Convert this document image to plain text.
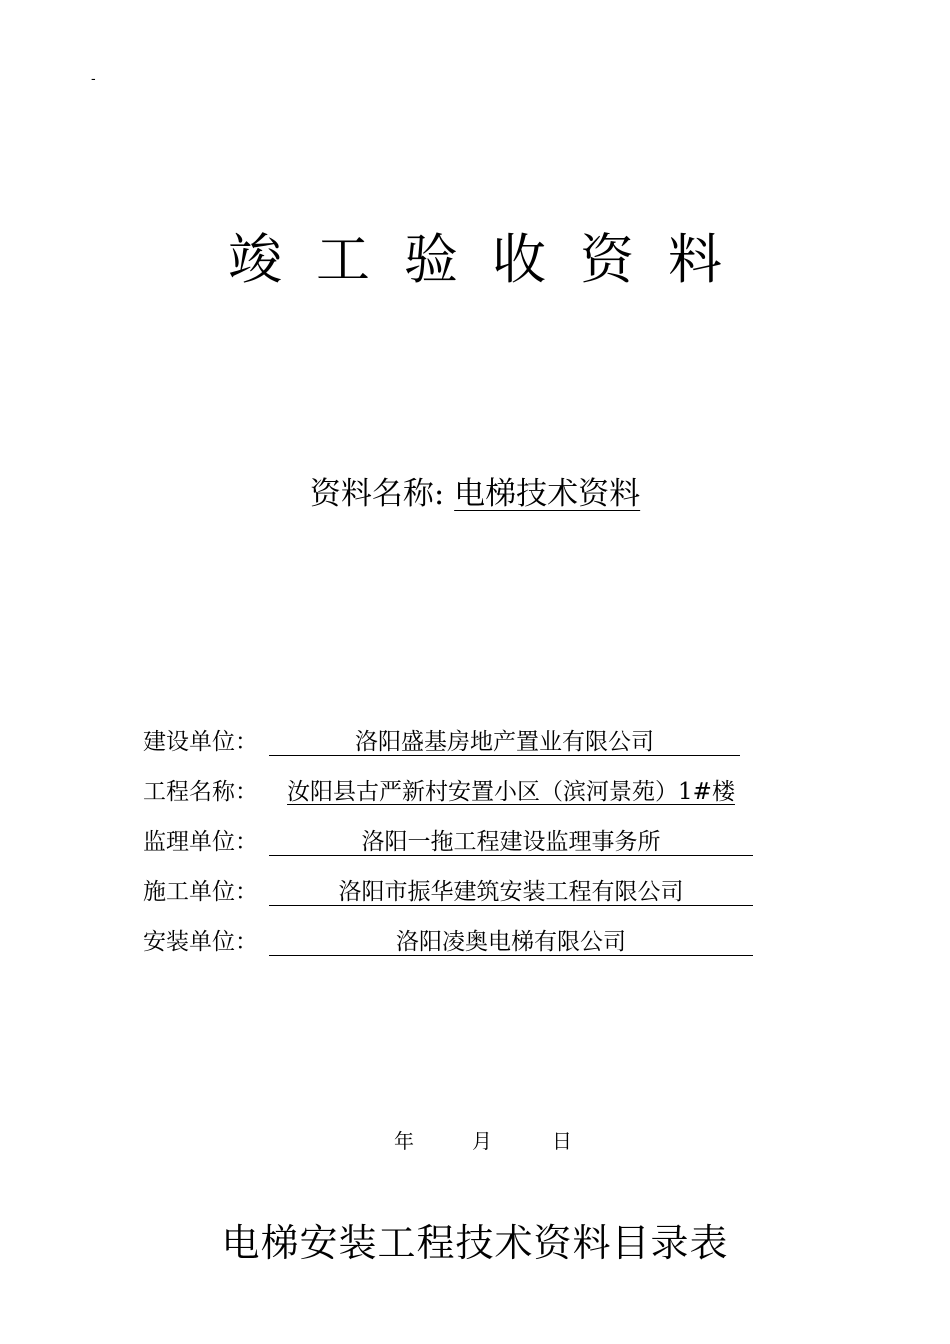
-
竣工验收资料
资料名称: 电梯技术资料
建设单位：	洛阳盛基房地产置业有限公司
工程名称：	汝阳县古严新村安置小区（滨河景苑）1#楼
监理单位：	洛阳一拖工程建设监理事务所
施工单位：	洛阳市振华建筑安装工程有限公司
安装单位：	洛阳凌奥电梯有限公司
年	月	日
电梯安装工程技术资料目录表
